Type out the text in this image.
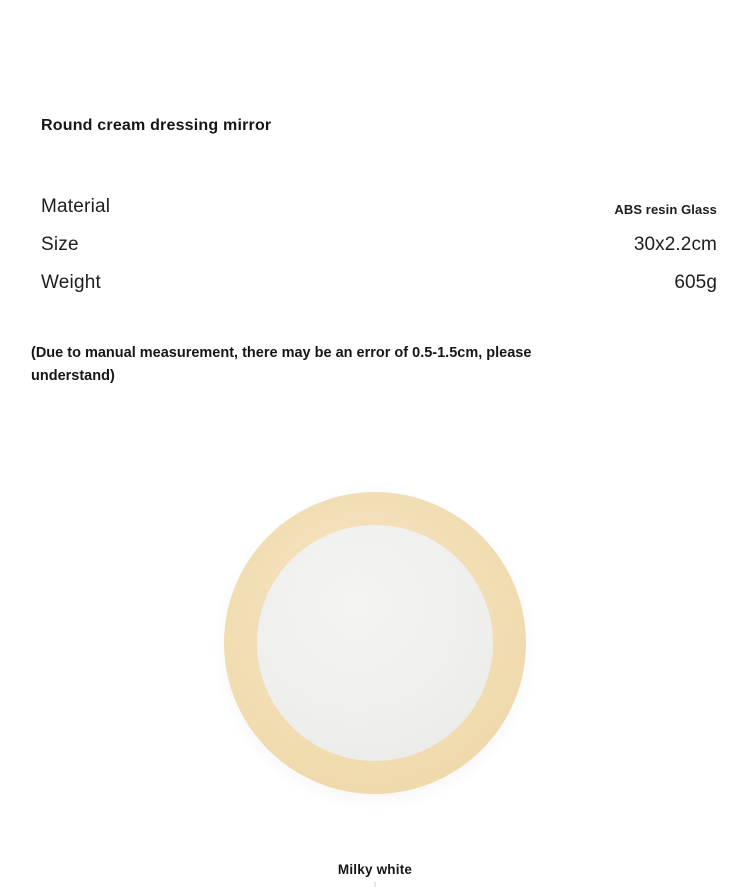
Round cream dressing mirror
Material	ABS resin Glass
Size	30x2.2cm
Weight	605g
(Due to manual measurement, there may be an error of 0.5-1.5cm, please understand)
Milky white
